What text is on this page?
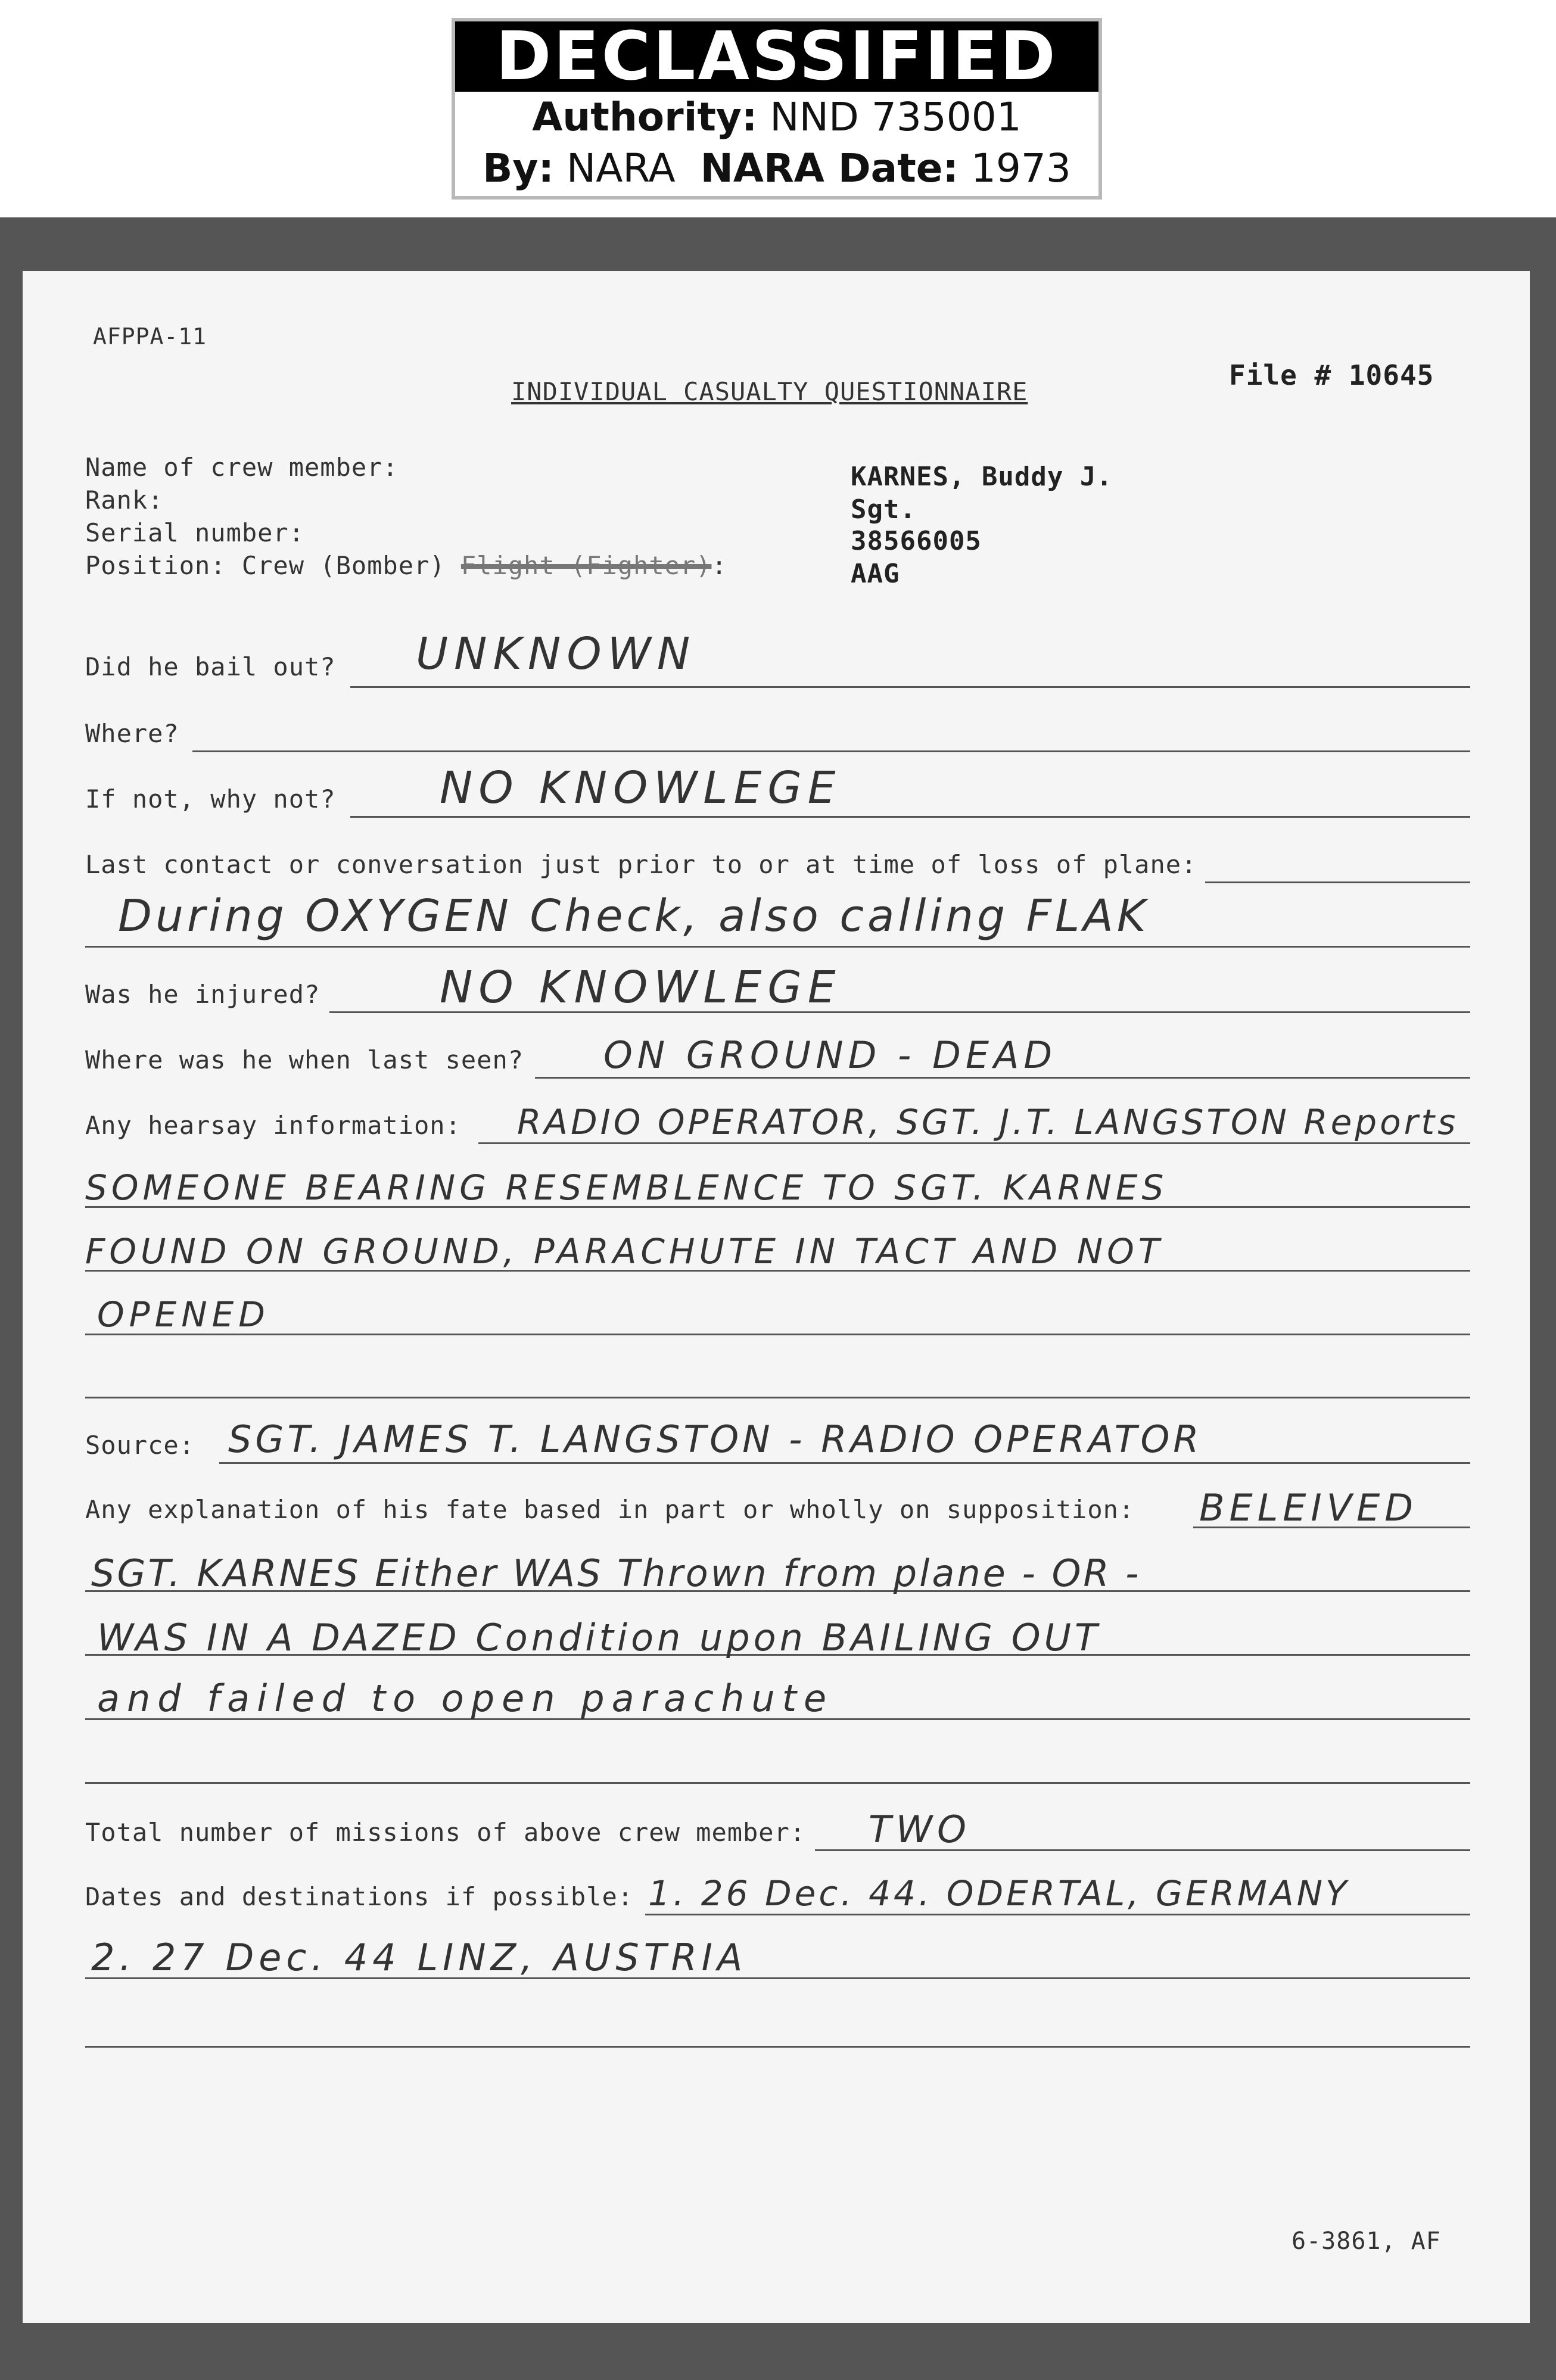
DECLASSIFIED
Authority: NND 735001
By: NARA NARA Date: 1973
AFPPA-11
INDIVIDUAL CASUALTY QUESTIONNAIRE
File # 10645
Name of crew member:	KARNES, Buddy J.
Rank:	Sgt.
Serial number:	38566005
Position: Crew (Bomber) Flight (Fighter):	AAG
Did he bail out? UNKNOWN
Where?
If not, why not? NO KNOWLEGE
Last contact or conversation just prior to or at time of loss of plane:
During OXYGEN Check, also calling FLAK
Was he injured?	NO KNOWLEGE
Where was he when last seen? ON GROUND - DEAD
Any hearsay information: RADIO OPERATOR, SGT. J.T. LANGSTON Reports
SOMEONE BEARING RESEMBLENCE TO SGT. KARNES
FOUND ON GROUND, PARACHUTE IN TACT AND NOT
OPENED
Source: SGT. JAMES T. LANGSTON - RADIO OPERATOR
Any explanation of his fate based in part or wholly on supposition: BELEIVED
SGT. KARNES Either WAS Thrown from plane - OR -
WAS IN A DAZED Condition upon BAILING OUT
and failed to open parachute
Total number of missions of above crew member: TWO
Dates and destinations if possible: 1. 26 Dec. 44. ODERTAL, GERMANY
2. 27 Dec. 44 LINZ, AUSTRIA
6-3861, AF
